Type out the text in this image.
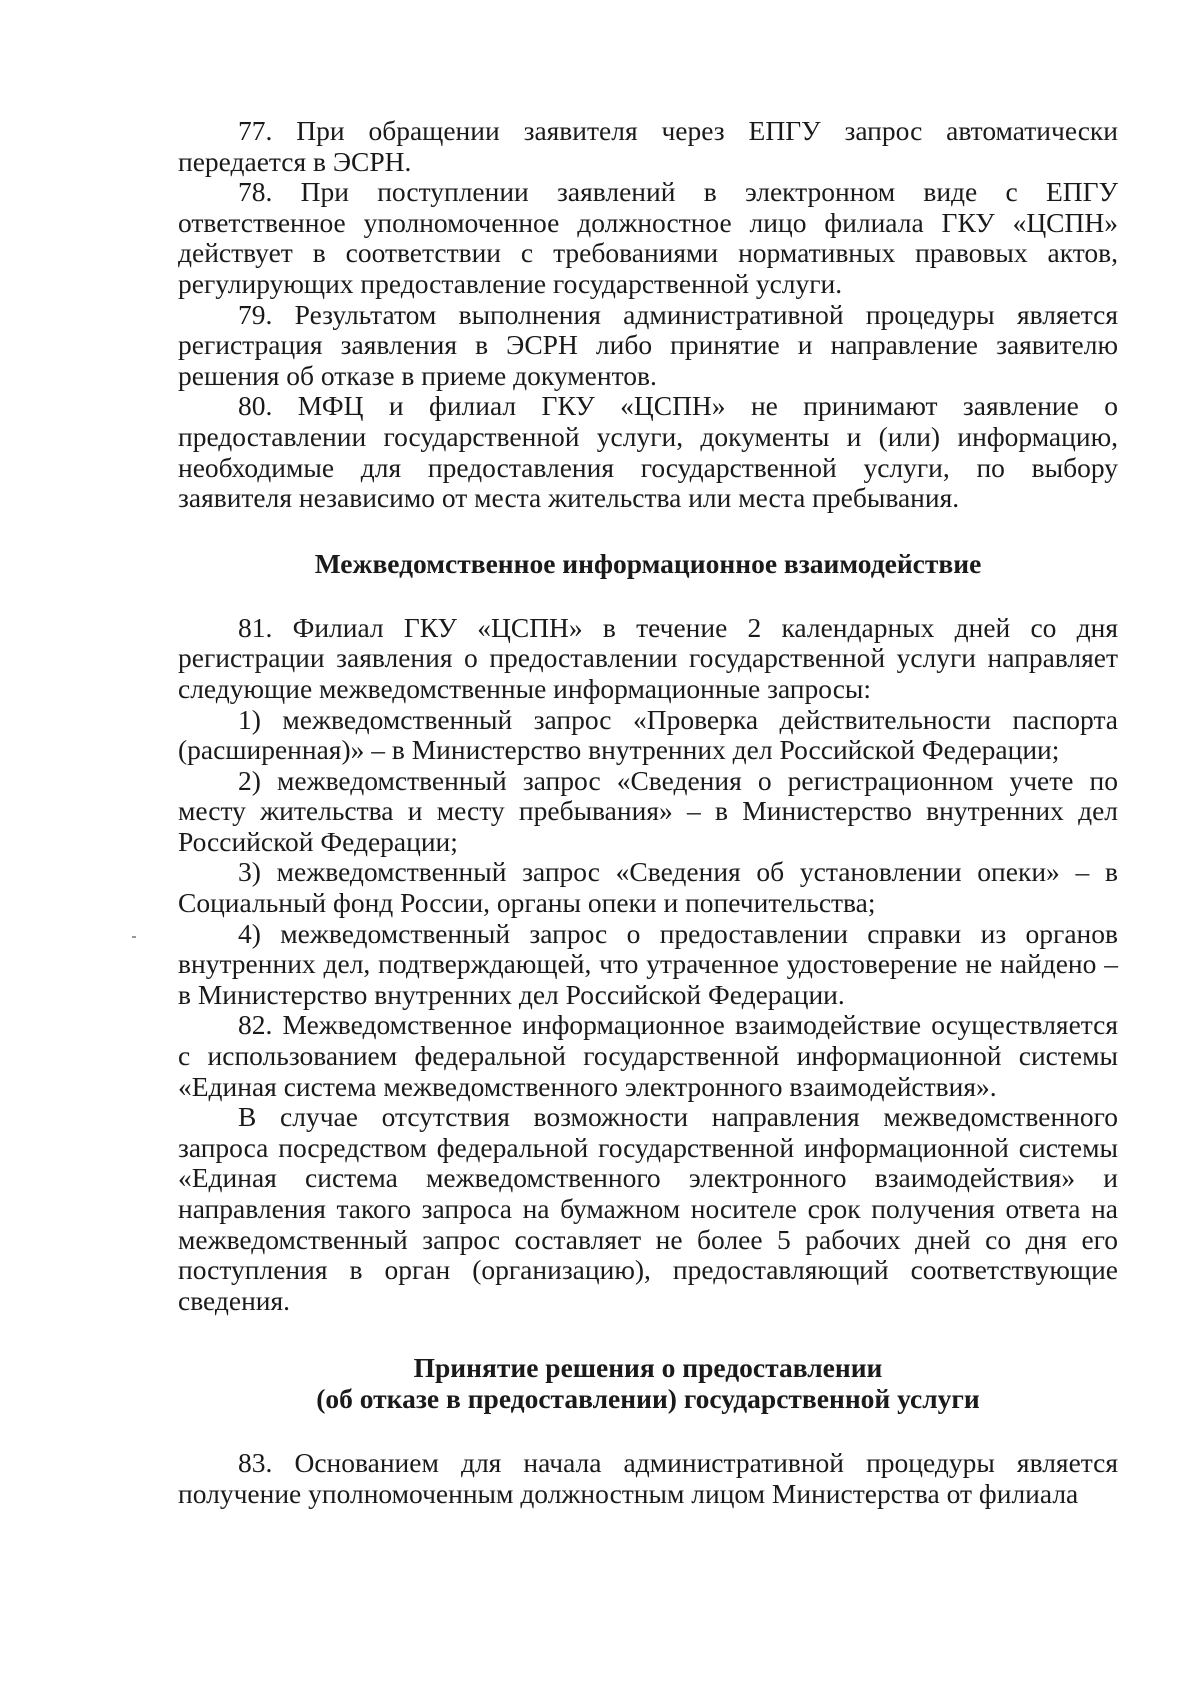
77. При обращении заявителя через ЕПГУ запрос автоматически передается в ЭСРН.

78. При поступлении заявлений в электронном виде с ЕПГУ ответственное уполномоченное должностное лицо филиала ГКУ «ЦСПН» действует в соответствии с требованиями нормативных правовых актов, регулирующих предоставление государственной услуги.

79. Результатом выполнения административной процедуры является регистрация заявления в ЭСРН либо принятие и направление заявителю решения об отказе в приеме документов.

80. МФЦ и филиал ГКУ «ЦСПН» не принимают заявление о предоставлении государственной услуги, документы и (или) информацию, необходимые для предоставления государственной услуги, по выбору заявителя независимо от места жительства или места пребывания.

Межведомственное информационное взаимодействие

81. Филиал ГКУ «ЦСПН» в течение 2 календарных дней со дня регистрации заявления о предоставлении государственной услуги направляет следующие межведомственные информационные запросы:

1) межведомственный запрос «Проверка действительности паспорта (расширенная)» – в Министерство внутренних дел Российской Федерации;

2) межведомственный запрос «Сведения о регистрационном учете по месту жительства и месту пребывания» – в Министерство внутренних дел Российской Федерации;

3) межведомственный запрос «Сведения об установлении опеки» – в Социальный фонд России, органы опеки и попечительства;

4) межведомственный запрос о предоставлении справки из органов внутренних дел, подтверждающей, что утраченное удостоверение не найдено – в Министерство внутренних дел Российской Федерации.

82. Межведомственное информационное взаимодействие осуществляется с использованием федеральной государственной информационной системы «Единая система межведомственного электронного взаимодействия».

В случае отсутствия возможности направления межведомственного запроса посредством федеральной государственной информационной системы «Единая система межведомственного электронного взаимодействия» и направления такого запроса на бумажном носителе срок получения ответа на межведомственный запрос составляет не более 5 рабочих дней со дня его поступления в орган (организацию), предоставляющий соответствующие сведения.

Принятие решения о предоставлении
(об отказе в предоставлении) государственной услуги

83. Основанием для начала административной процедуры является получение уполномоченным должностным лицом Министерства от филиала
